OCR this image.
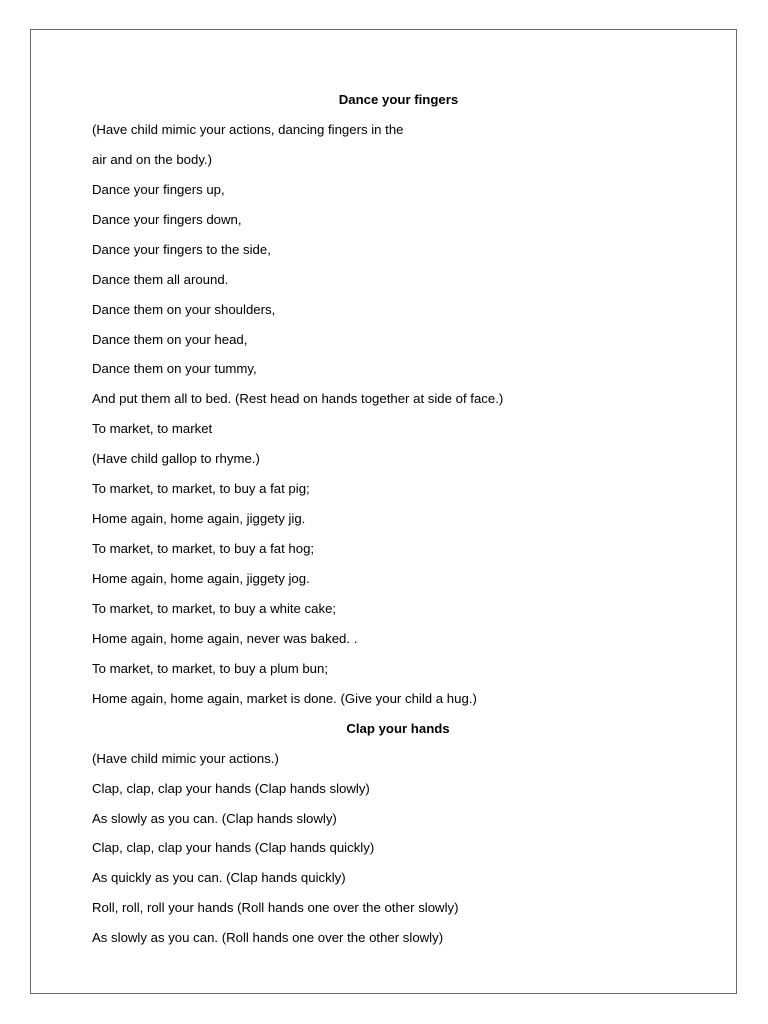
Dance your fingers
(Have child mimic your actions, dancing fingers in the
air and on the body.)
Dance your fingers up,
Dance your fingers down,
Dance your fingers to the side,
Dance them all around.
Dance them on your shoulders,
Dance them on your head,
Dance them on your tummy,
And put them all to bed. (Rest head on hands together at side of face.)
To market, to market
(Have child gallop to rhyme.)
To market, to market, to buy a fat pig;
Home again, home again, jiggety jig.
To market, to market, to buy a fat hog;
Home again, home again, jiggety jog.
To market, to market, to buy a white cake;
Home again, home again, never was baked. .
To market, to market, to buy a plum bun;
Home again, home again, market is done. (Give your child a hug.)
Clap your hands
(Have child mimic your actions.)
Clap, clap, clap your hands (Clap hands slowly)
As slowly as you can. (Clap hands slowly)
Clap, clap, clap your hands (Clap hands quickly)
As quickly as you can. (Clap hands quickly)
Roll, roll, roll your hands (Roll hands one over the other slowly)
As slowly as you can. (Roll hands one over the other slowly)
